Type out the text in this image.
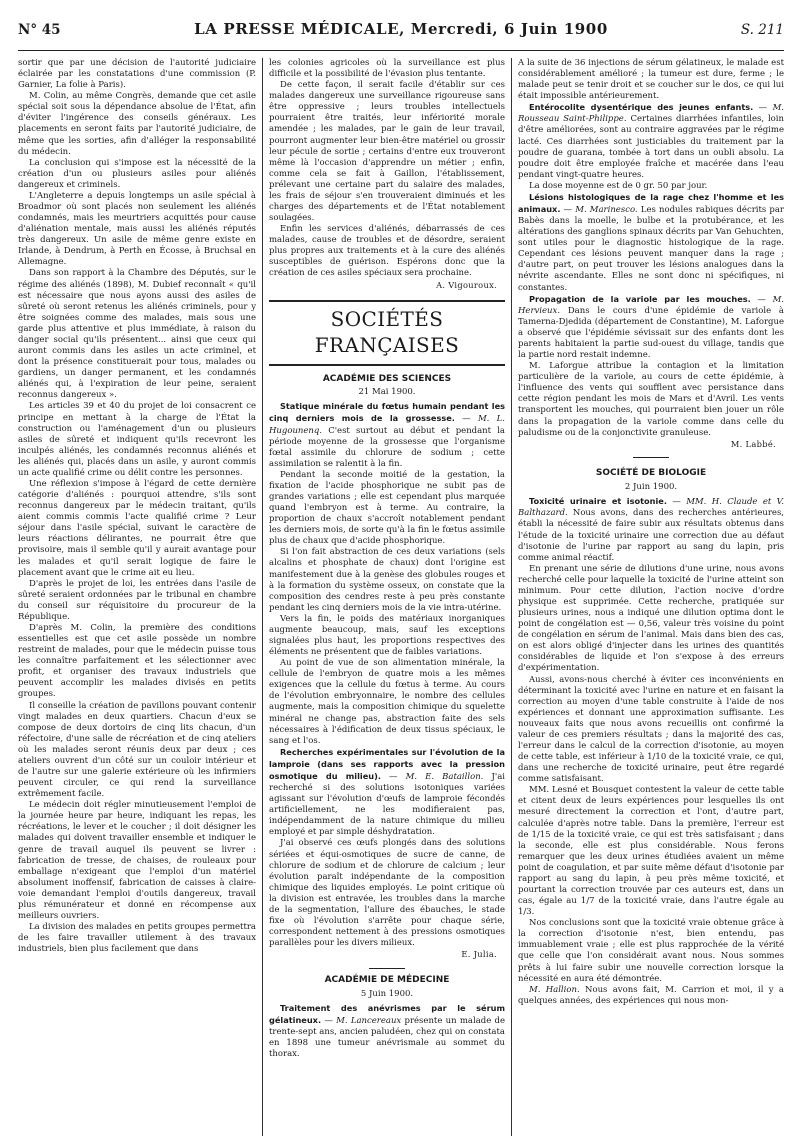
N° 45	LA PRESSE MÉDICALE, Mercredi, 6 Juin 1900	S. 211

sortir que par une décision de l'autorité judiciaire éclairée par les constatations d'une commission (P. Garnier, La folie à Paris).

M. Colin, au même Congrès, demande que cet asile spécial soit sous la dépendance absolue de l'État, afin d'éviter l'ingérence des conseils généraux. Les placements en seront faits par l'autorité judiciaire, de même que les sorties, afin d'alléger la responsabilité du médecin.

La conclusion qui s'impose est la nécessité de la création d'un ou plusieurs asiles pour aliénés dangereux et criminels.

L'Angleterre a depuis longtemps un asile spécial à Broadmor où sont placés non seulement les aliénés condamnés, mais les meurtriers acquittés pour cause d'aliénation mentale, mais aussi les aliénés réputés très dangereux. Un asile de même genre existe en Irlande, à Dendrum, à Perth en Écosse, à Bruchsal en Allemagne.

Dans son rapport à la Chambre des Députés, sur le régime des aliénés (1898), M. Dubief reconnaît « qu'il est nécessaire que nous ayons aussi des asiles de sûreté où seront retenus les aliénés criminels, pour y être soignées comme des malades, mais sous une garde plus attentive et plus immédiate, à raison du danger social qu'ils présentent... ainsi que ceux qui auront commis dans les asiles un acte criminel, et dont la présence constituerait pour tous, malades ou gardiens, un danger permanent, et les condamnés aliénés qui, à l'expiration de leur peine, seraient reconnus dangereux ».

Les articles 39 et 40 du projet de loi consacrent ce principe en mettant à la charge de l'État la construction ou l'aménagement d'un ou plusieurs asiles de sûreté et indiquent qu'ils recevront les inculpés aliénés, les condamnés reconnus aliénés et les aliénés qui, placés dans un asile, y auront commis un acte qualifié crime ou délit contre les personnes.

Une réflexion s'impose à l'égard de cette dernière catégorie d'aliénés : pourquoi attendre, s'ils sont reconnus dangereux par le médecin traitant, qu'ils aient commis commis l'acte qualifié crime ? Leur séjour dans l'asile spécial, suivant le caractère de leurs réactions délirantes, ne pourrait être que provisoire, mais il semble qu'il y aurait avantage pour les malades et qu'il serait logique de faire le placement avant que le crime ait eu lieu.

D'après le projet de loi, les entrées dans l'asile de sûreté seraient ordonnées par le tribunal en chambre du conseil sur réquisitoire du procureur de la République.

D'après M. Colin, la première des conditions essentielles est que cet asile possède un nombre restreint de malades, pour que le médecin puisse tous les connaître parfaitement et les sélectionner avec profit, et organiser des travaux industriels que peuvent accomplir les malades divisés en petits groupes.

Il conseille la création de pavillons pouvant contenir vingt malades en deux quartiers. Chacun d'eux se compose de deux dortoirs de cinq lits chacun, d'un réfectoire, d'une salle de récréation et de cinq ateliers où les malades seront réunis deux par deux ; ces ateliers ouvrent d'un côté sur un couloir intérieur et de l'autre sur une galerie extérieure où les infirmiers peuvent circuler, ce qui rend la surveillance extrêmement facile.

Le médecin doit régler minutieusement l'emploi de la journée heure par heure, indiquant les repas, les récréations, le lever et le coucher ; il doit désigner les malades qui doivent travailler ensemble et indiquer le genre de travail auquel ils peuvent se livrer : fabrication de tresse, de chaises, de rouleaux pour emballage n'exigeant que l'emploi d'un matériel absolument inoffensif, fabrication de caisses à claire-voie demandant l'emploi d'outils dangereux, travail plus rémunérateur et donné en récompense aux meilleurs ouvriers.

La division des malades en petits groupes permettra de les faire travailler utilement à des travaux industriels, bien plus facilement que dans

les colonies agricoles où la surveillance est plus difficile et la possibilité de l'évasion plus tentante.

De cette façon, il serait facile d'établir sur ces malades dangereux une surveillance rigoureuse sans être oppressive ; leurs troubles intellectuels pourraient être traités, leur infériorité morale amendée ; les malades, par le gain de leur travail, pourront augmenter leur bien-être matériel ou grossir leur pécule de sortie ; certains d'entre eux trouveront même là l'occasion d'apprendre un métier ; enfin, comme cela se fait à Gaillon, l'établissement, prélevant une certaine part du salaire des malades, les frais de séjour s'en trouveraient diminués et les charges des départements et de l'État notablement soulagées.

Enfin les services d'aliénés, débarrassés de ces malades, cause de troubles et de désordre, seraient plus propres aux traitements et à la cure des aliénés susceptibles de guérison. Espérons donc que la création de ces asiles spéciaux sera prochaine.

A. Vigouroux.

SOCIÉTÉS FRANÇAISES
ACADÉMIE DES SCIENCES
21 Mai 1900.

Statique minérale du fœtus humain pendant les cinq derniers mois de la grossesse. — M. L. Hugounenq. C'est surtout au début et pendant la période moyenne de la grossesse que l'organisme fœtal assimile du chlorure de sodium ; cette assimilation se ralentit à la fin.

Pendant la seconde moitié de la gestation, la fixation de l'acide phosphorique ne subit pas de grandes variations ; elle est cependant plus marquée quand l'embryon est à terme. Au contraire, la proportion de chaux s'accroît notablement pendant les derniers mois, de sorte qu'à la fin le fœtus assimile plus de chaux que d'acide phosphorique.

Si l'on fait abstraction de ces deux variations (sels alcalins et phosphate de chaux) dont l'origine est manifestement due à la genèse des globules rouges et à la formation du système osseux, on constate que la composition des cendres reste à peu près constante pendant les cinq derniers mois de la vie intra-utérine.

Vers la fin, le poids des matériaux inorganiques augmente beaucoup, mais, sauf les exceptions signalées plus haut, les proportions respectives des éléments ne présentent que de faibles variations.

Au point de vue de son alimentation minérale, la cellule de l'embryon de quatre mois a les mêmes exigences que la cellule du fœtus à terme. Au cours de l'évolution embryonnaire, le nombre des cellules augmente, mais la composition chimique du squelette minéral ne change pas, abstraction faite des sels nécessaires à l'édification de deux tissus spéciaux, le sang et l'os.

Recherches expérimentales sur l'évolution de la lamproie (dans ses rapports avec la pression osmotique du milieu). — M. E. Bataillon. J'ai recherché si des solutions isotoniques variées agissant sur l'évolution d'œufs de lamproie fécondés artificiellement, ne les modifieraient pas, indépendamment de la nature chimique du milieu employé et par simple déshydratation.

J'ai observé ces œufs plongés dans des solutions sériées et équi-osmotiques de sucre de canne, de chlorure de sodium et de chlorure de calcium ; leur évolution paraît indépendante de la composition chimique des liquides employés. Le point critique où la division est entravée, les troubles dans la marche de la segmentation, l'allure des ébauches, le stade fixe où l'évolution s'arrête pour chaque série, correspondent nettement à des pressions osmotiques parallèles pour les divers milieux.

E. Julia.

ACADÉMIE DE MÉDECINE
5 Juin 1900.

Traitement des anévrismes par le sérum gélatineux. — M. Lancereaux présente un malade de trente-sept ans, ancien paludéen, chez qui on constata en 1898 une tumeur anévrismale au sommet du thorax.

A la suite de 36 injections de sérum gélatineux, le malade est considérablement amélioré ; la tumeur est dure, ferme ; le malade peut se tenir droit et se coucher sur le dos, ce qui lui était impossible antérieurement.

Entérocolite dysentérique des jeunes enfants. — M. Rousseau Saint-Philippe. Certaines diarrhées infantiles, loin d'être améliorées, sont au contraire aggravées par le régime lacté. Ces diarrhées sont justiciables du traitement par la poudre de guarana, tombée à tort dans un oubli absolu. La poudre doit être employée fraîche et macérée dans l'eau pendant vingt-quatre heures.

La dose moyenne est de 0 gr. 50 par jour.

Lésions histologiques de la rage chez l'homme et les animaux. — M. Marinesco. Les nodules rabiques décrits par Babès dans la moelle, le bulbe et la protubérance, et les altérations des ganglions spinaux décrits par Van Gehuchten, sont utiles pour le diagnostic histologique de la rage. Cependant ces lésions peuvent manquer dans la rage ; d'autre part, on peut trouver les lésions analogues dans la névrite ascendante. Elles ne sont donc ni spécifiques, ni constantes.

Propagation de la variole par les mouches. — M. Hervieux. Dans le cours d'une épidémie de variole à Tamerna-Djedida (département de Constantine), M. Laforgue a observé que l'épidémie sévissait sur des enfants dont les parents habitaient la partie sud-ouest du village, tandis que la partie nord restait indemne.

M. Laforgue attribue la contagion et la limitation particulière de la variole, au cours de cette épidémie, à l'influence des vents qui soufflent avec persistance dans cette région pendant les mois de Mars et d'Avril. Les vents transportent les mouches, qui pourraient bien jouer un rôle dans la propagation de la variole comme dans celle du paludisme ou de la conjonctivite granuleuse.

M. Labbé.

SOCIÉTÉ DE BIOLOGIE
2 Juin 1900.

Toxicité urinaire et isotonie. — MM. H. Claude et V. Balthazard. Nous avons, dans des recherches antérieures, établi la nécessité de faire subir aux résultats obtenus dans l'étude de la toxicité urinaire une correction due au défaut d'isotonie de l'urine par rapport au sang du lapin, pris comme animal réactif.

En prenant une série de dilutions d'une urine, nous avons recherché celle pour laquelle la toxicité de l'urine atteint son minimum. Pour cette dilution, l'action nocive d'ordre physique est supprimée. Cette recherche, pratiquée sur plusieurs urines, nous a indiqué une dilution optima dont le point de congélation est — 0,56, valeur très voisine du point de congélation en sérum de l'animal. Mais dans bien des cas, on est alors obligé d'injecter dans les urines des quantités considérables de liquide et l'on s'expose à des erreurs d'expérimentation.

Aussi, avons-nous cherché à éviter ces inconvénients en déterminant la toxicité avec l'urine en nature et en faisant la correction au moyen d'une table construite à l'aide de nos expériences et donnant une approximation suffisante. Les nouveaux faits que nous avons recueillis ont confirmé la valeur de ces premiers résultats ; dans la majorité des cas, l'erreur dans le calcul de la correction d'isotonie, au moyen de cette table, est inférieur à 1/10 de la toxicité vraie, ce qui, dans une recherche de toxicité urinaire, peut être regardé comme satisfaisant.

MM. Lesné et Bousquet contestent la valeur de cette table et citent deux de leurs expériences pour lesquelles ils ont mesuré directement la correction et l'ont, d'autre part, calculée d'après notre table. Dans la première, l'erreur est de 1/15 de la toxicité vraie, ce qui est très satisfaisant ; dans la seconde, elle est plus considérable. Nous ferons remarquer que les deux urines étudiées avaient un même point de coagulation, et par suite même défaut d'isotonie par rapport au sang du lapin, à peu près même toxicité, et pourtant la correction trouvée par ces auteurs est, dans un cas, égale au 1/7 de la toxicité vraie, dans l'autre égale au 1/3.

Nos conclusions sont que la toxicité vraie obtenue grâce à la correction d'isotonie n'est, bien entendu, pas immuablement vraie ; elle est plus rapprochée de la vérité que celle que l'on considérait avant nous. Nous sommes prêts à lui faire subir une nouvelle correction lorsque la nécessité en aura été démontrée.

M. Hallion. Nous avons fait, M. Carrion et moi, il y a quelques années, des expériences qui nous mon-
